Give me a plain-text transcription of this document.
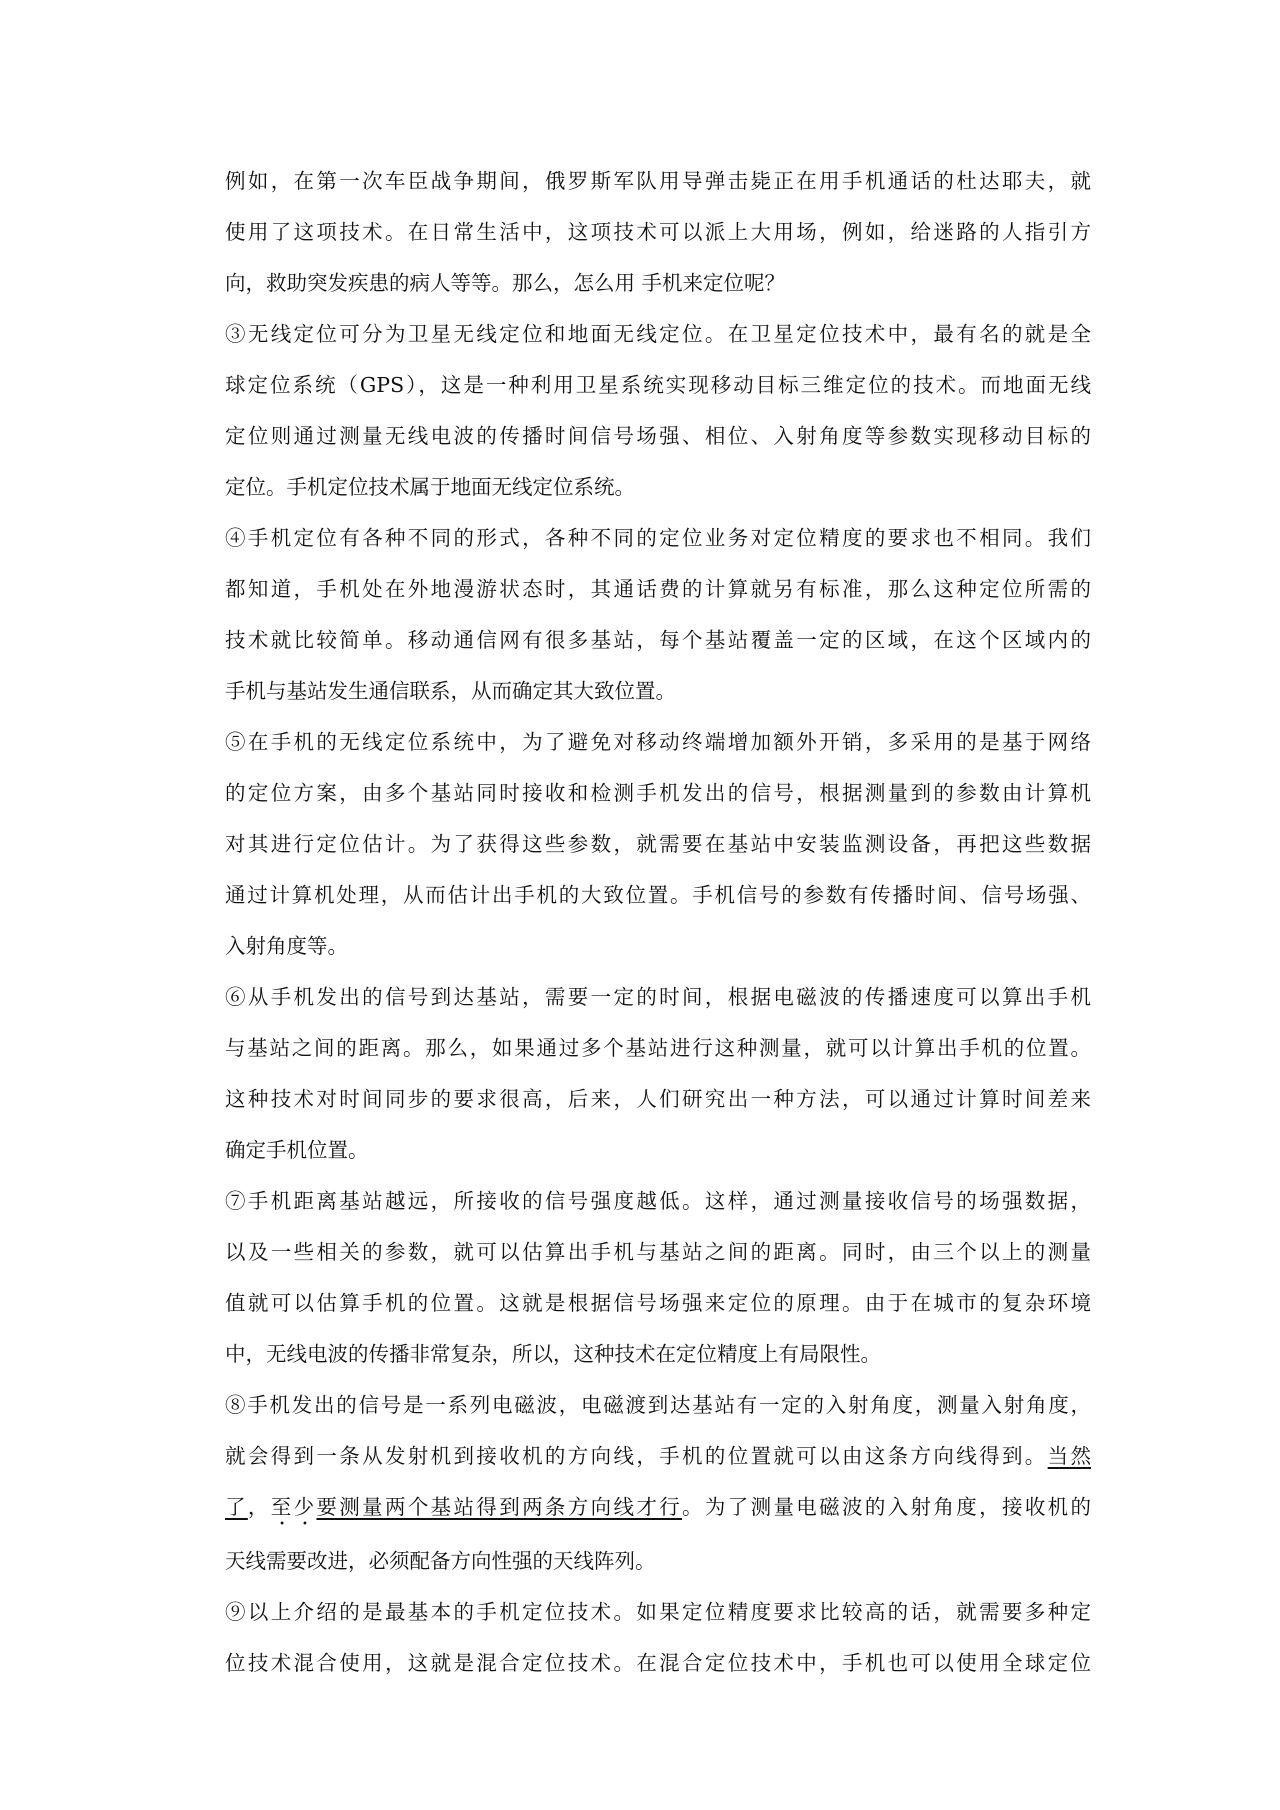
例如，在第一次车臣战争期间，俄罗斯军队用导弹击毙正在用手机通话的杜达耶夫，就
使用了这项技术。在日常生活中，这项技术可以派上大用场，例如，给迷路的人指引方
向，救助突发疾患的病人等等。那么，怎么用 手机来定位呢？
③无线定位可分为卫星无线定位和地面无线定位。在卫星定位技术中，最有名的就是全
球定位系统（GPS），这是一种利用卫星系统实现移动目标三维定位的技术。而地面无线
定位则通过测量无线电波的传播时间信号场强、相位、入射角度等参数实现移动目标的
定位。手机定位技术属于地面无线定位系统。
④手机定位有各种不同的形式，各种不同的定位业务对定位精度的要求也不相同。我们
都知道，手机处在外地漫游状态时，其通话费的计算就另有标准，那么这种定位所需的
技术就比较简单。移动通信网有很多基站，每个基站覆盖一定的区域，在这个区域内的
手机与基站发生通信联系，从而确定其大致位置。
⑤在手机的无线定位系统中，为了避免对移动终端增加额外开销，多采用的是基于网络
的定位方案，由多个基站同时接收和检测手机发出的信号，根据测量到的参数由计算机
对其进行定位估计。为了获得这些参数，就需要在基站中安装监测设备，再把这些数据
通过计算机处理，从而估计出手机的大致位置。手机信号的参数有传播时间、信号场强、
入射角度等。
⑥从手机发出的信号到达基站，需要一定的时间，根据电磁波的传播速度可以算出手机
与基站之间的距离。那么，如果通过多个基站进行这种测量，就可以计算出手机的位置。
这种技术对时间同步的要求很高，后来，人们研究出一种方法，可以通过计算时间差来
确定手机位置。
⑦手机距离基站越远，所接收的信号强度越低。这样，通过测量接收信号的场强数据，
以及一些相关的参数，就可以估算出手机与基站之间的距离。同时，由三个以上的测量
值就可以估算手机的位置。这就是根据信号场强来定位的原理。由于在城市的复杂环境
中，无线电波的传播非常复杂，所以，这种技术在定位精度上有局限性。
⑧手机发出的信号是一系列电磁波，电磁渡到达基站有一定的入射角度，测量入射角度，
就会得到一条从发射机到接收机的方向线，手机的位置就可以由这条方向线得到。当然
了，至少要测量两个基站得到两条方向线才行。为了测量电磁波的入射角度，接收机的
天线需要改进，必须配备方向性强的天线阵列。
⑨以上介绍的是最基本的手机定位技术。如果定位精度要求比较高的话，就需要多种定
位技术混合使用，这就是混合定位技术。在混合定位技术中，手机也可以使用全球定位
